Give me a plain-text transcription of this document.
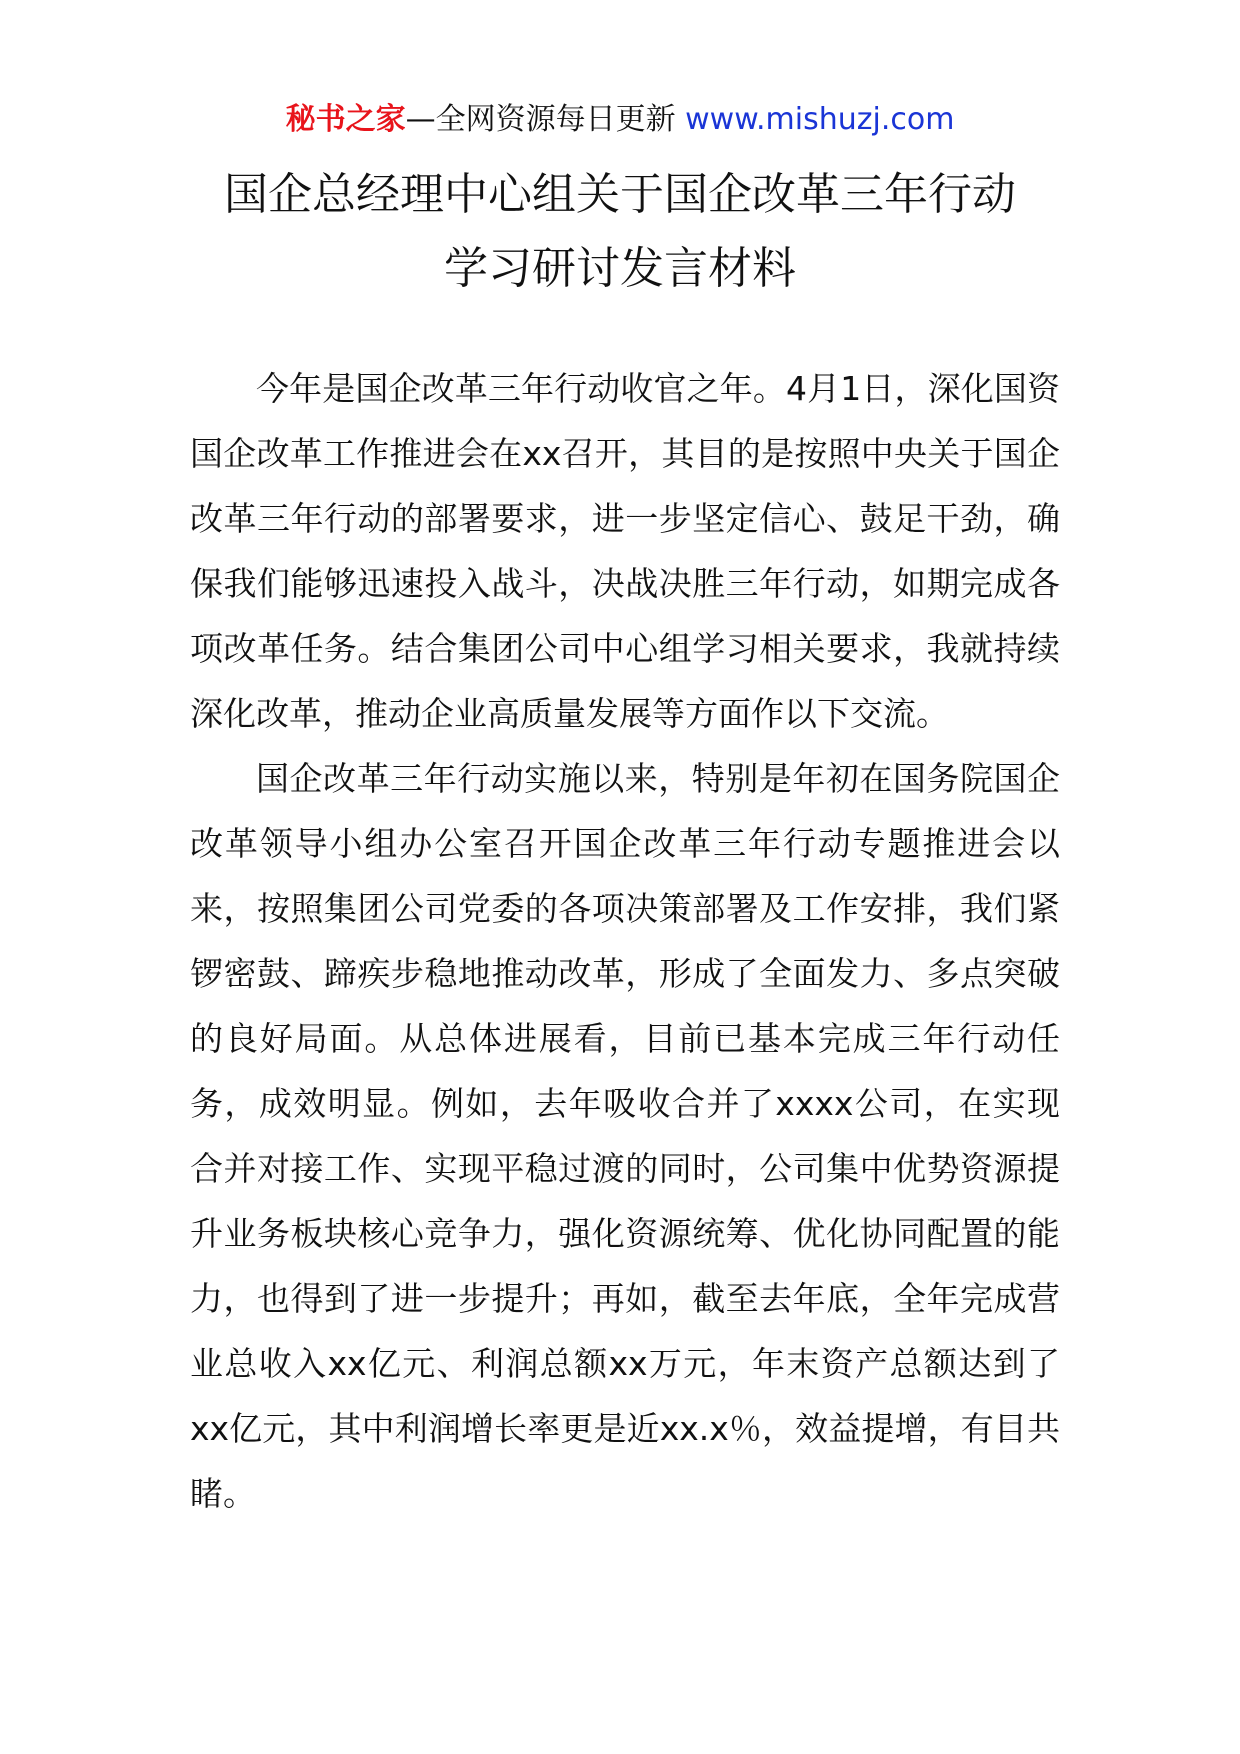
秘书之家—全网资源每日更新 www.mishuzj.com
国企总经理中心组关于国企改革三年行动
学习研讨发言材料

今年是国企改革三年行动收官之年。4月1日，深化国资国企改革工作推进会在xx召开，其目的是按照中央关于国企改革三年行动的部署要求，进一步坚定信心、鼓足干劲，确保我们能够迅速投入战斗，决战决胜三年行动，如期完成各项改革任务。结合集团公司中心组学习相关要求，我就持续深化改革，推动企业高质量发展等方面作以下交流。

国企改革三年行动实施以来，特别是年初在国务院国企改革领导小组办公室召开国企改革三年行动专题推进会以来，按照集团公司党委的各项决策部署及工作安排，我们紧锣密鼓、蹄疾步稳地推动改革，形成了全面发力、多点突破的良好局面。从总体进展看，目前已基本完成三年行动任务，成效明显。例如，去年吸收合并了xxxx公司，在实现合并对接工作、实现平稳过渡的同时，公司集中优势资源提升业务板块核心竞争力，强化资源统筹、优化协同配置的能力，也得到了进一步提升；再如，截至去年底，全年完成营业总收入xx亿元、利润总额xx万元，年末资产总额达到了xx亿元，其中利润增长率更是近xx.x％，效益提增，有目共睹。
